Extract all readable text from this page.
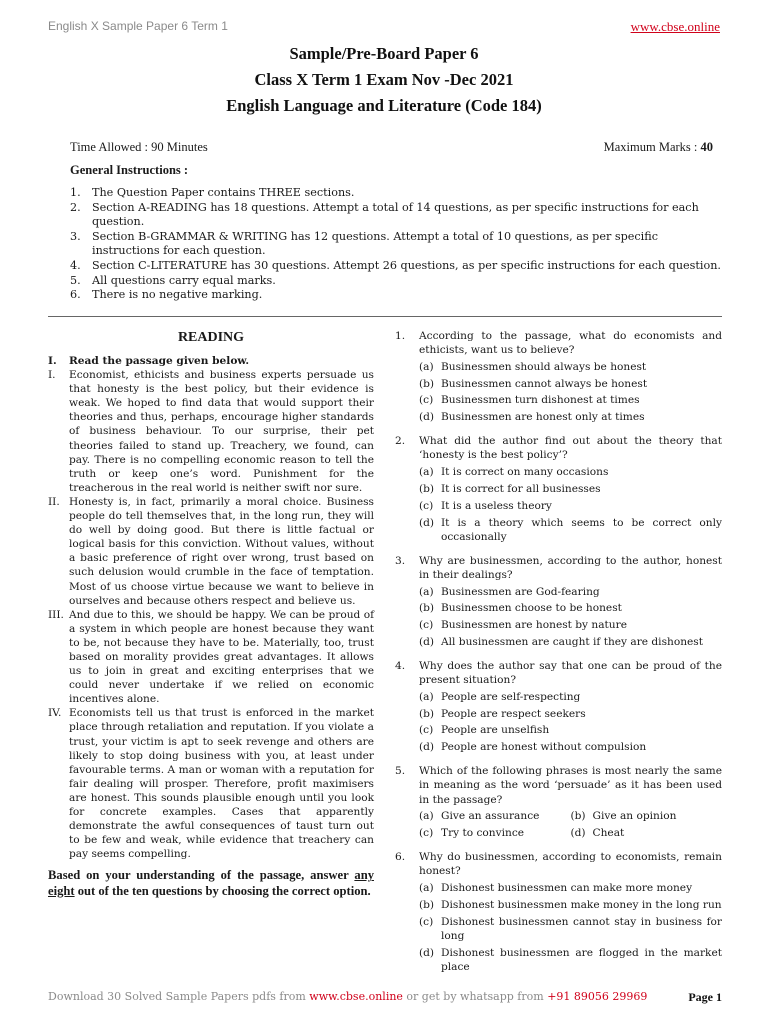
English X Sample Paper 6 Term 1	www.cbse.online
Sample/Pre-Board Paper 6
Class X Term 1 Exam Nov -Dec 2021
English Language and Literature (Code 184)
Time Allowed : 90 Minutes	Maximum Marks : 40
General Instructions :
1.	The Question Paper contains THREE sections.
2.	Section A-READING has 18 questions. Attempt a total of 14 questions, as per specific instructions for each question.
3.	Section B-GRAMMAR & WRITING has 12 questions. Attempt a total of 10 questions, as per specific instructions for each question.
4.	Section C-LITERATURE has 30 questions. Attempt 26 questions, as per specific instructions for each question.
5.	All questions carry equal marks.
6.	There is no negative marking.
READING
I.	Read the passage given below.
I.	Economist, ethicists and business experts persuade us that honesty is the best policy, but their evidence is weak. We hoped to find data that would support their theories and thus, perhaps, encourage higher standards of business behaviour. To our surprise, their pet theories failed to stand up. Treachery, we found, can pay. There is no compelling economic reason to tell the truth or keep one’s word. Punishment for the treacherous in the real world is neither swift nor sure.
II. Honesty is, in fact, primarily a moral choice. Business people do tell themselves that, in the long run, they will do well by doing good. But there is little factual or logical basis for this conviction. Without values, without a basic preference of right over wrong, trust based on such delusion would crumble in the face of temptation. Most of us choose virtue because we want to believe in ourselves and because others respect and believe us.
III. And due to this, we should be happy. We can be proud of a system in which people are honest because they want to be, not because they have to be. Materially, too, trust based on morality provides great advantages. It allows us to join in great and exciting enterprises that we could never undertake if we relied on economic incentives alone.
IV. Economists tell us that trust is enforced in the market place through retaliation and reputation. If you violate a trust, your victim is apt to seek revenge and others are likely to stop doing business with you, at least under favourable terms. A man or woman with a reputation for fair dealing will prosper. Therefore, profit maximisers are honest. This sounds plausible enough until you look for concrete examples. Cases that apparently demonstrate the awful consequences of taust turn out to be few and weak, while evidence that treachery can pay seems compelling.
Based on your understanding of the passage, answer any eight out of the ten questions by choosing the correct option.
1.	According to the passage, what do economists and ethicists, want us to believe?
(a) Businessmen should always be honest
(b) Businessmen cannot always be honest
(c) Businessmen turn dishonest at times
(d) Businessmen are honest only at times
2.	What did the author find out about the theory that ‘honesty is the best policy’?
(a) It is correct on many occasions
(b) It is correct for all businesses
(c) It is a useless theory
(d) It is a theory which seems to be correct only occasionally
3.	Why are businessmen, according to the author, honest in their dealings?
(a) Businessmen are God-fearing
(b) Businessmen choose to be honest
(c) Businessmen are honest by nature
(d) All businessmen are caught if they are dishonest
4.	Why does the author say that one can be proud of the present situation?
(a) People are self-respecting
(b) People are respect seekers
(c) People are unselfish
(d) People are honest without compulsion
5.	Which of the following phrases is most nearly the same in meaning as the word ‘persuade’ as it has been used in the passage?
(a) Give an assurance	(b) Give an opinion
(c) Try to convince	(d) Cheat
6.	Why do businessmen, according to economists, remain honest?
(a) Dishonest businessmen can make more money
(b) Dishonest businessmen make money in the long run
(c) Dishonest businessmen cannot stay in business for long
(d) Dishonest businessmen are flogged in the market place
Download 30 Solved Sample Papers pdfs from www.cbse.online or get by whatsapp from +91 89056 29969	Page 1
